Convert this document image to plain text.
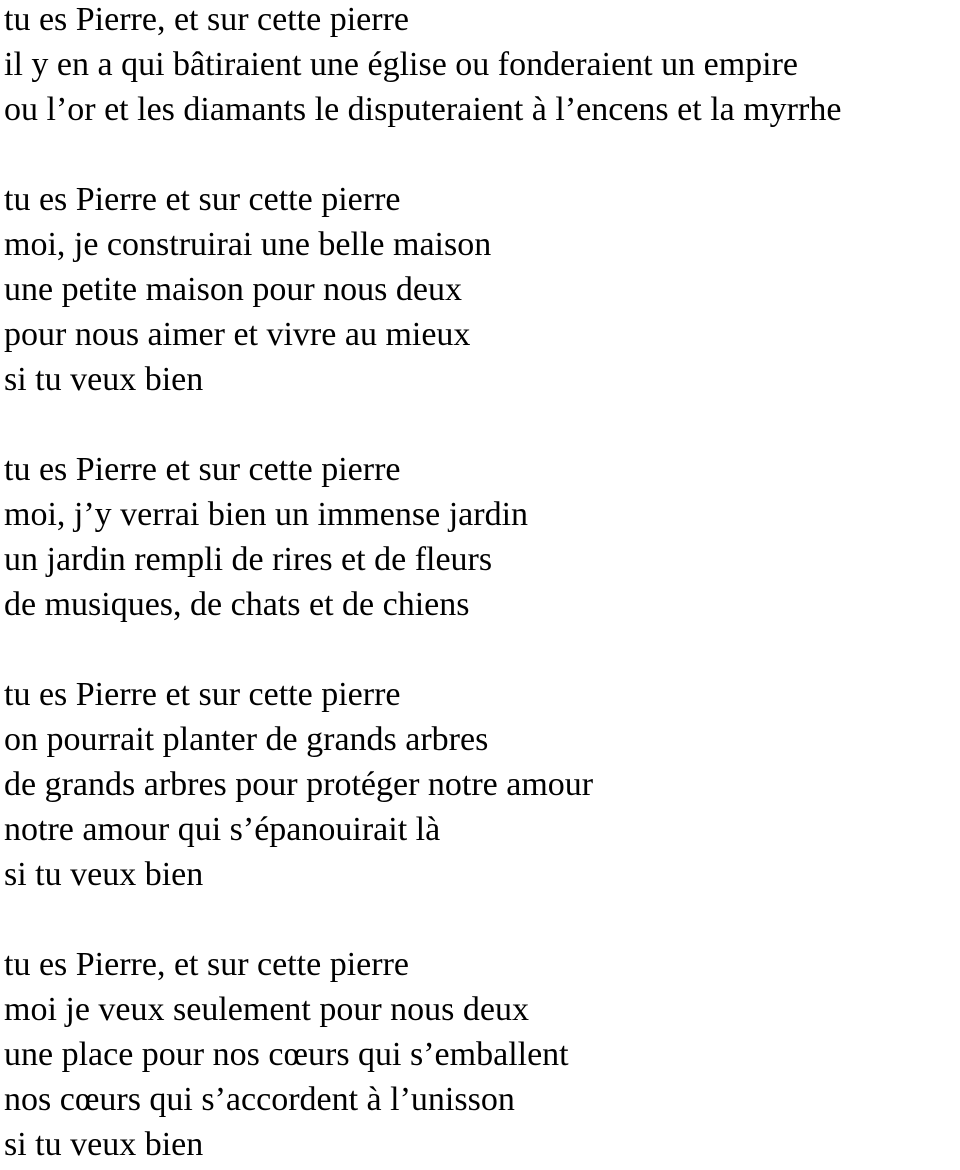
tu es Pierre, et sur cette pierre
il y en a qui bâtiraient une église ou fonderaient un empire
ou l’or et les diamants le disputeraient à l’encens et la myrrhe
tu es Pierre et sur cette pierre
moi, je construirai une belle maison
une petite maison pour nous deux
pour nous aimer et vivre au mieux
si tu veux bien
tu es Pierre et sur cette pierre
moi, j’y verrai bien un immense jardin
un jardin rempli de rires et de fleurs
de musiques, de chats et de chiens
tu es Pierre et sur cette pierre
on pourrait planter de grands arbres
de grands arbres pour protéger notre amour
notre amour qui s’épanouirait là
si tu veux bien
tu es Pierre, et sur cette pierre
moi je veux seulement pour nous deux
une place pour nos cœurs qui s’emballent
nos cœurs qui s’accordent à l’unisson
si tu veux bien
